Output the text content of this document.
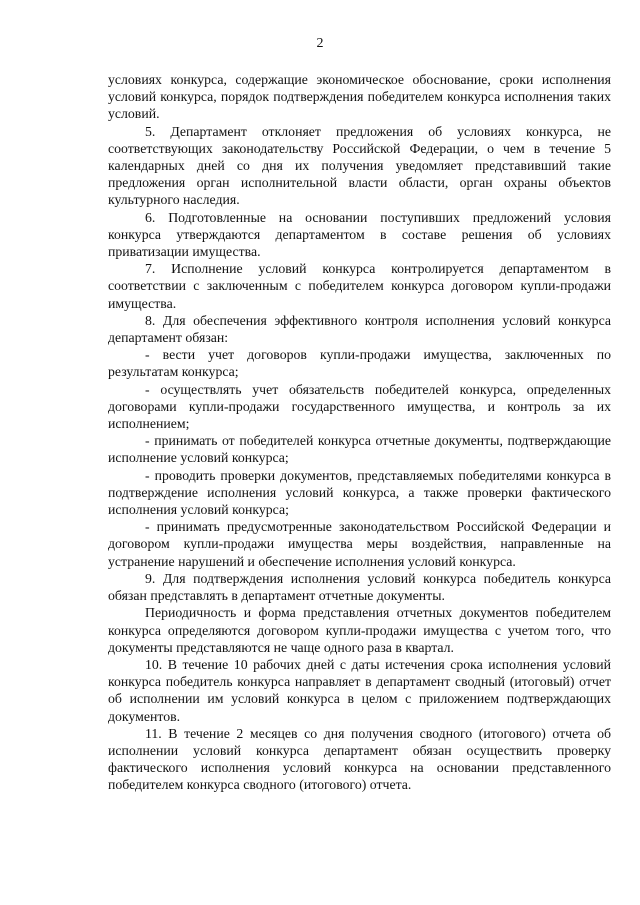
2

условиях конкурса, содержащие экономическое обоснование, сроки исполнения условий конкурса, порядок подтверждения победителем конкурса исполнения таких условий.

5. Департамент отклоняет предложения об условиях конкурса, не соответствующих законодательству Российской Федерации, о чем в течение 5 календарных дней со дня их получения уведомляет представивший такие предложения орган исполнительной власти области, орган охраны объектов культурного наследия.

6. Подготовленные на основании поступивших предложений условия конкурса утверждаются департаментом в составе решения об условиях приватизации имущества.

7. Исполнение условий конкурса контролируется департаментом в соответствии с заключенным с победителем конкурса договором купли-продажи имущества.

8. Для обеспечения эффективного контроля исполнения условий конкурса департамент обязан:

- вести учет договоров купли-продажи имущества, заключенных по результатам конкурса;

- осуществлять учет обязательств победителей конкурса, определенных договорами купли-продажи государственного имущества, и контроль за их исполнением;

- принимать от победителей конкурса отчетные документы, подтверждающие исполнение условий конкурса;

- проводить проверки документов, представляемых победителями конкурса в подтверждение исполнения условий конкурса, а также проверки фактического исполнения условий конкурса;

- принимать предусмотренные законодательством Российской Федерации и договором купли-продажи имущества меры воздействия, направленные на устранение нарушений и обеспечение исполнения условий конкурса.

9. Для подтверждения исполнения условий конкурса победитель конкурса обязан представлять в департамент отчетные документы.

Периодичность и форма представления отчетных документов победителем конкурса определяются договором купли-продажи имущества с учетом того, что документы представляются не чаще одного раза в квартал.

10. В течение 10 рабочих дней с даты истечения срока исполнения условий конкурса победитель конкурса направляет в департамент сводный (итоговый) отчет об исполнении им условий конкурса в целом с приложением подтверждающих документов.

11. В течение 2 месяцев со дня получения сводного (итогового) отчета об исполнении условий конкурса департамент обязан осуществить проверку фактического исполнения условий конкурса на основании представленного победителем конкурса сводного (итогового) отчета.
